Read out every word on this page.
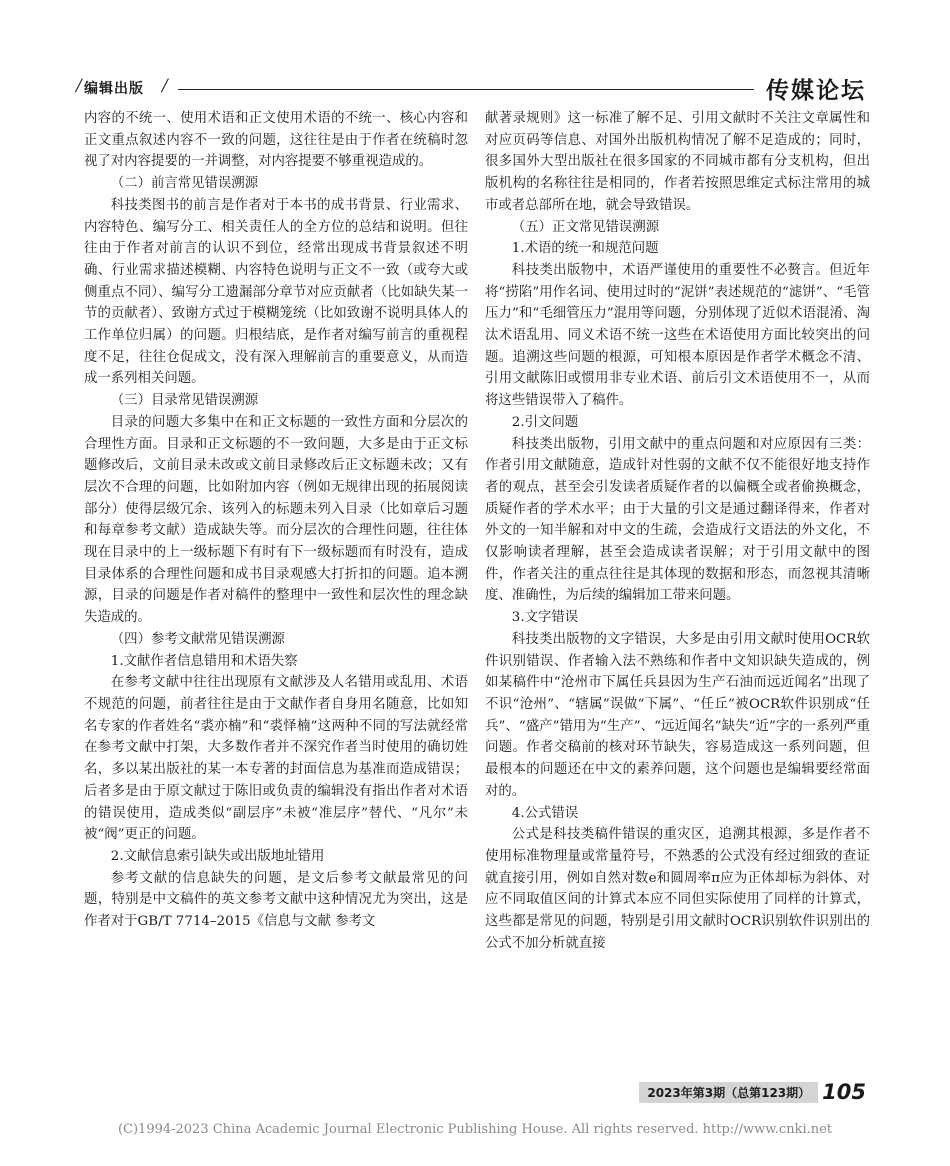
编辑出版
/	/	传媒论坛

内容的不统一、使用术语和正文使用术语的不统一、核心内容和正文重点叙述内容不一致的问题，这往往是由于作者在统稿时忽视了对内容提要的一并调整，对内容提要不够重视造成的。

（二）前言常见错误溯源

科技类图书的前言是作者对于本书的成书背景、行业需求、内容特色、编写分工、相关责任人的全方位的总结和说明。但往往由于作者对前言的认识不到位，经常出现成书背景叙述不明确、行业需求描述模糊、内容特色说明与正文不一致（或夸大或侧重点不同）、编写分工遗漏部分章节对应贡献者（比如缺失某一节的贡献者）、致谢方式过于模糊笼统（比如致谢不说明具体人的工作单位归属）的问题。归根结底，是作者对编写前言的重视程度不足，往往仓促成文，没有深入理解前言的重要意义，从而造成一系列相关问题。

（三）目录常见错误溯源

目录的问题大多集中在和正文标题的一致性方面和分层次的合理性方面。目录和正文标题的不一致问题，大多是由于正文标题修改后，文前目录未改或文前目录修改后正文标题未改；又有层次不合理的问题，比如附加内容（例如无规律出现的拓展阅读部分）使得层级冗余、该列入的标题未列入目录（比如章后习题和每章参考文献）造成缺失等。而分层次的合理性问题，往往体现在目录中的上一级标题下有时有下一级标题而有时没有，造成目录体系的合理性问题和成书目录观感大打折扣的问题。追本溯源，目录的问题是作者对稿件的整理中一致性和层次性的理念缺失造成的。

（四）参考文献常见错误溯源

1.文献作者信息错用和术语失察

在参考文献中往往出现原有文献涉及人名错用或乱用、术语不规范的问题，前者往往是由于文献作者自身用名随意，比如知名专家的作者姓名“裘亦楠”和“裘怿楠”这两种不同的写法就经常在参考文献中打架，大多数作者并不深究作者当时使用的确切姓名，多以某出版社的某一本专著的封面信息为基准而造成错误；后者多是由于原文献过于陈旧或负责的编辑没有指出作者对术语的错误使用，造成类似“副层序”未被“准层序”替代、“凡尔”未被“阀”更正的问题。

2.文献信息索引缺失或出版地址错用

参考文献的信息缺失的问题，是文后参考文献最常见的问题，特别是中文稿件的英文参考文献中这种情况尤为突出，这是作者对于GB/T 7714–2015《信息与文献 参考文

献著录规则》这一标准了解不足、引用文献时不关注文章属性和对应页码等信息、对国外出版机构情况了解不足造成的；同时，很多国外大型出版社在很多国家的不同城市都有分支机构，但出版机构的名称往往是相同的，作者若按照思维定式标注常用的城市或者总部所在地，就会导致错误。

（五）正文常见错误溯源

1.术语的统一和规范问题

科技类出版物中，术语严谨使用的重要性不必赘言。但近年将“捞陷”用作名词、使用过时的“泥饼”表述规范的“滤饼”、“毛管压力”和“毛细管压力”混用等问题，分别体现了近似术语混淆、淘汰术语乱用、同义术语不统一这些在术语使用方面比较突出的问题。追溯这些问题的根源，可知根本原因是作者学术概念不清、引用文献陈旧或惯用非专业术语、前后引文术语使用不一，从而将这些错误带入了稿件。

2.引文问题

科技类出版物，引用文献中的重点问题和对应原因有三类：作者引用文献随意，造成针对性弱的文献不仅不能很好地支持作者的观点，甚至会引发读者质疑作者的以偏概全或者偷换概念，质疑作者的学术水平；由于大量的引文是通过翻译得来，作者对外文的一知半解和对中文的生疏，会造成行文语法的外文化，不仅影响读者理解，甚至会造成读者误解；对于引用文献中的图件，作者关注的重点往往是其体现的数据和形态，而忽视其清晰度、准确性，为后续的编辑加工带来问题。

3.文字错误

科技类出版物的文字错误，大多是由引用文献时使用OCR软件识别错误、作者输入法不熟练和作者中文知识缺失造成的，例如某稿件中“沧州市下属任兵县因为生产石油而远近闻名”出现了不识“沧州”、“辖属”误做“下属”、“任丘”被OCR软件识别成“任兵”、“盛产”错用为“生产”、“远近闻名”缺失“近”字的一系列严重问题。作者交稿前的核对环节缺失，容易造成这一系列问题，但最根本的问题还在中文的素养问题，这个问题也是编辑要经常面对的。

4.公式错误

公式是科技类稿件错误的重灾区，追溯其根源，多是作者不使用标准物理量或常量符号，不熟悉的公式没有经过细致的查证就直接引用，例如自然对数e和圆周率π应为正体却标为斜体、对应不同取值区间的计算式本应不同但实际使用了同样的计算式，这些都是常见的问题，特别是引用文献时OCR识别软件识别出的公式不加分析就直接

2023年第3期（总第123期） 105
(C)1994-2023 China Academic Journal Electronic Publishing House. All rights reserved. http://www.cnki.net
